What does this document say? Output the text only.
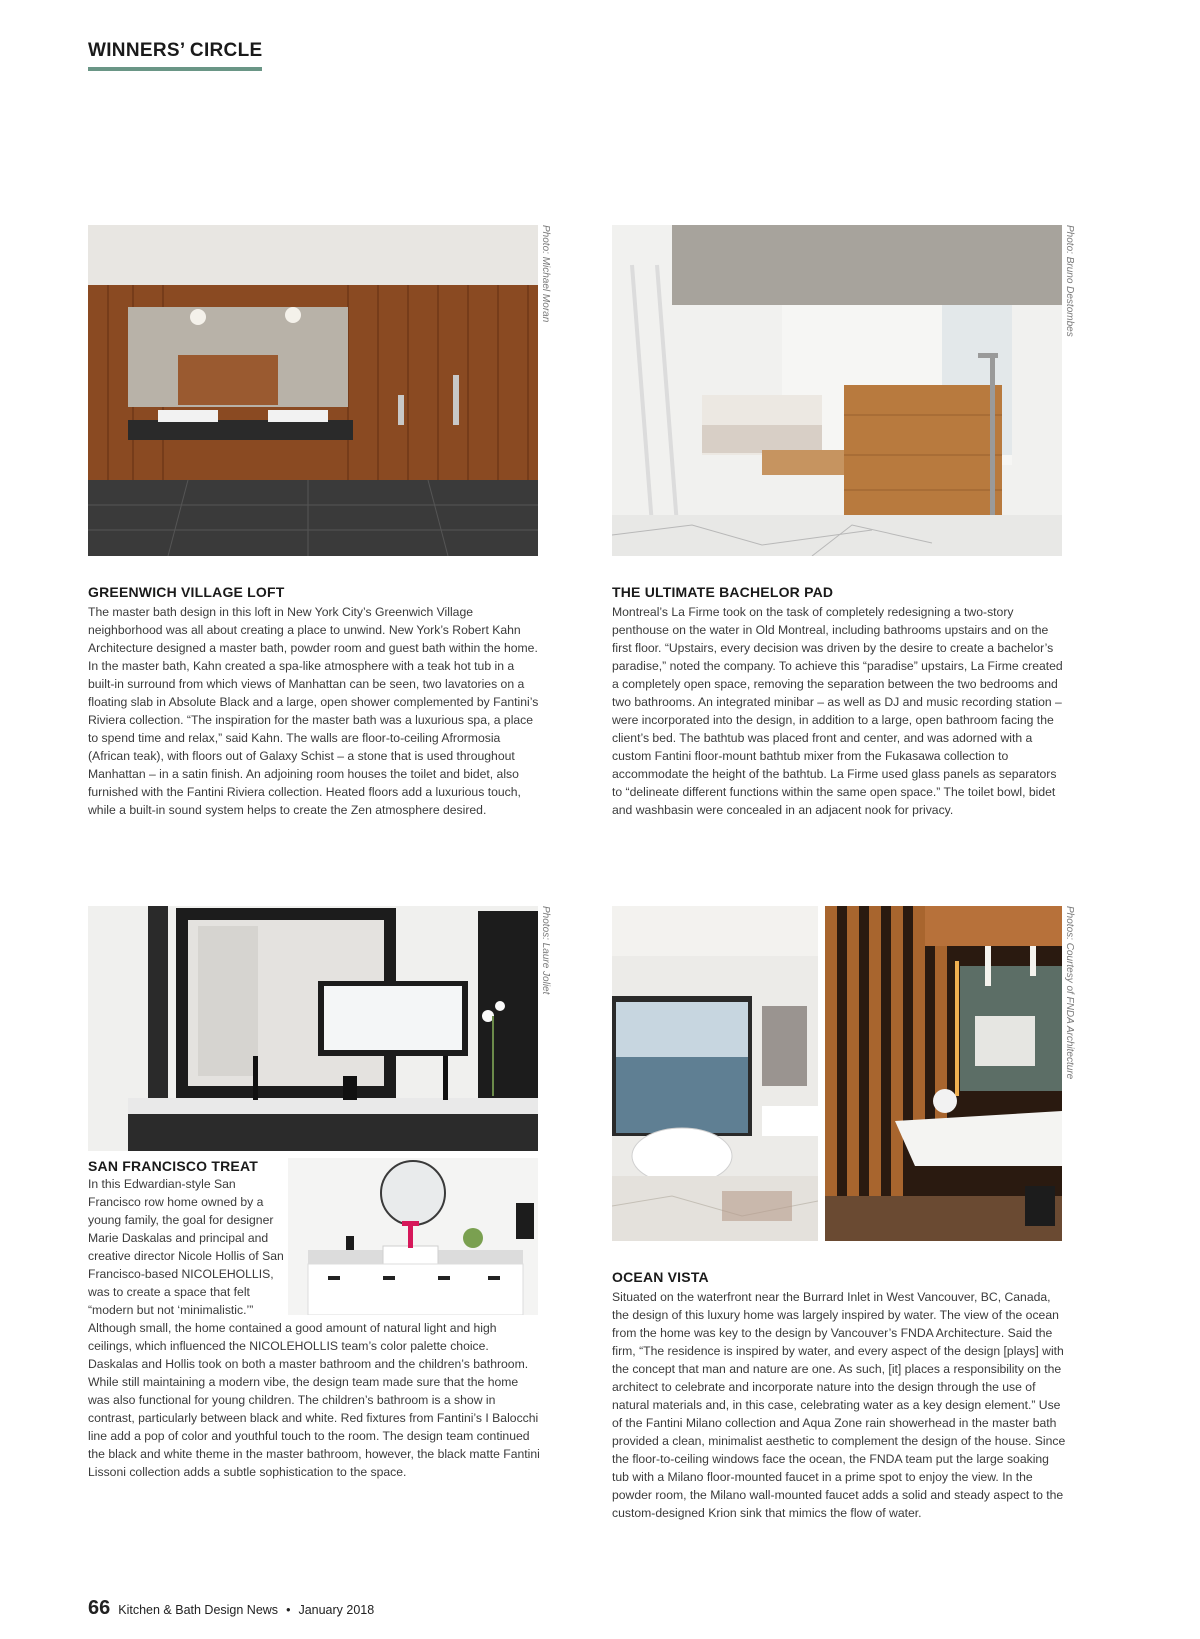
WINNERS’ CIRCLE
Photo: Michael Moran	Photo: Bruno Destombes
GREENWICH VILLAGE LOFT

The master bath design in this loft in New York City’s Greenwich Village neighborhood was all about creating a place to unwind. New York’s Robert Kahn Architecture designed a master bath, powder room and guest bath within the home. In the master bath, Kahn created a spa-like atmosphere with a teak hot tub in a built-in surround from which views of Manhattan can be seen, two lavatories on a floating slab in Absolute Black and a large, open shower complemented by Fantini’s Riviera collection. “The inspiration for the master bath was a luxurious spa, a place to spend time and relax,” said Kahn. The walls are floor-to-ceiling Afrormosia (African teak), with floors out of Galaxy Schist – a stone that is used throughout Manhattan – in a satin finish. An adjoining room houses the toilet and bidet, also furnished with the Fantini Riviera collection. Heated floors add a luxurious touch, while a built-in sound system helps to create the Zen atmosphere desired.

THE ULTIMATE BACHELOR PAD

Montreal’s La Firme took on the task of completely redesigning a two-story penthouse on the water in Old Montreal, including bathrooms upstairs and on the first floor. “Upstairs, every decision was driven by the desire to create a bachelor’s paradise,” noted the company. To achieve this “paradise” upstairs, La Firme created a completely open space, removing the separation between the two bedrooms and two bathrooms. An integrated minibar – as well as DJ and music recording station – were incorporated into the design, in addition to a large, open bathroom facing the client’s bed. The bathtub was placed front and center, and was adorned with a custom Fantini floor-mount bathtub mixer from the Fukasawa collection to accommodate the height of the bathtub. La Firme used glass panels as separators to “delineate different functions within the same open space.” The toilet bowl, bidet and washbasin were concealed in an adjacent nook for privacy.

Photos: Laure Joliet
SAN FRANCISCO TREAT

In this Edwardian-style San Francisco row home owned by a young family, the goal for designer Marie Daskalas and principal and creative director Nicole Hollis of San Francisco-based NICOLEHOLLIS, was to create a space that felt “modern but not ‘minimalistic.’” Although small, the home contained a good amount of natural light and high ceilings, which influenced the NICOLEHOLLIS team’s color palette choice. Daskalas and Hollis took on both a master bathroom and the children’s bathroom. While still maintaining a modern vibe, the design team made sure that the home was also functional for young children. The children’s bathroom is a show in contrast, particularly between black and white. Red fixtures from Fantini’s I Balocchi line add a pop of color and youthful touch to the room. The design team continued the black and white theme in the master bathroom, however, the black matte Fantini Lissoni collection adds a subtle sophistication to the space.

Photos: Courtesy of FNDA Architecture
OCEAN VISTA

Situated on the waterfront near the Burrard Inlet in West Vancouver, BC, Canada, the design of this luxury home was largely inspired by water. The view of the ocean from the home was key to the design by Vancouver’s FNDA Architecture. Said the firm, “The residence is inspired by water, and every aspect of the design [plays] with the concept that man and nature are one. As such, [it] places a responsibility on the architect to celebrate and incorporate nature into the design through the use of natural materials and, in this case, celebrating water as a key design element.” Use of the Fantini Milano collection and Aqua Zone rain showerhead in the master bath provided a clean, minimalist aesthetic to complement the design of the house. Since the floor-to-ceiling windows face the ocean, the FNDA team put the large soaking tub with a Milano floor-mounted faucet in a prime spot to enjoy the view. In the powder room, the Milano wall-mounted faucet adds a solid and steady aspect to the custom-designed Krion sink that mimics the flow of water.

66 Kitchen & Bath Design News • January 2018
